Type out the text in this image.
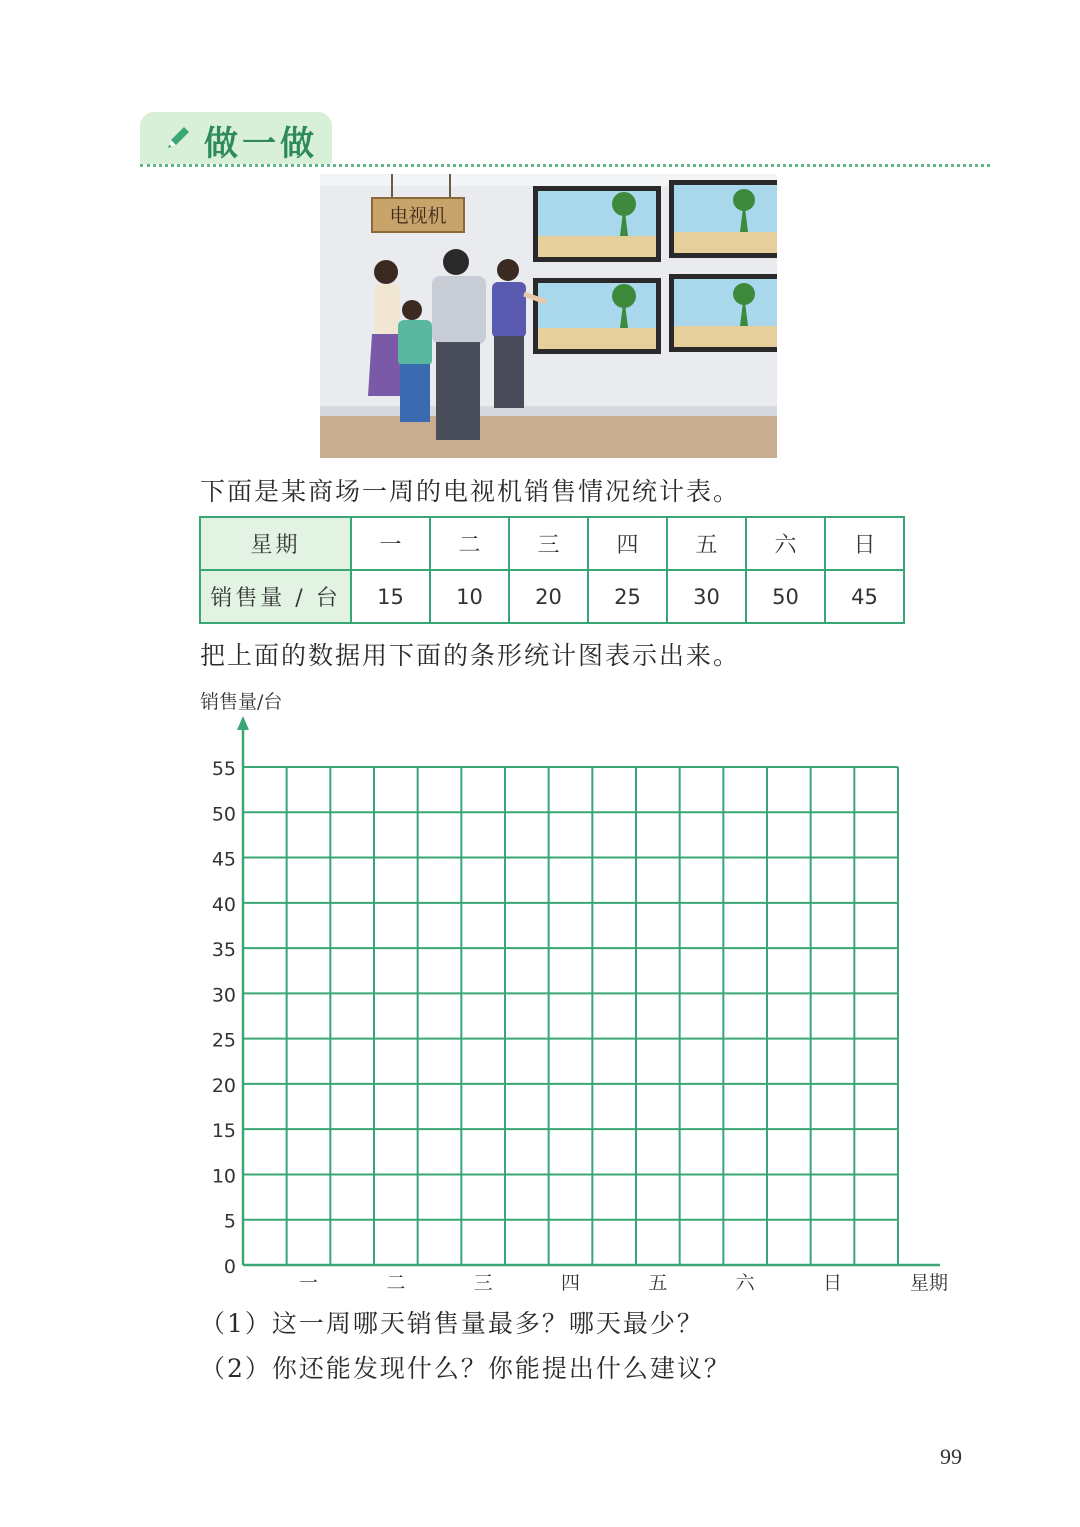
做一做
电视机
下面是某商场一周的电视机销售情况统计表。
星期	一	二	三	四	五	六	日
销售量 / 台	15	10	20	25	30	50	45
把上面的数据用下面的条形统计图表示出来。
0
5
10
15
20
25
30
35
40
45
50
55
销售量/台
星期
一	二	三	四	五	六	日
（1）这一周哪天销售量最多？哪天最少？
（2）你还能发现什么？你能提出什么建议？
99
